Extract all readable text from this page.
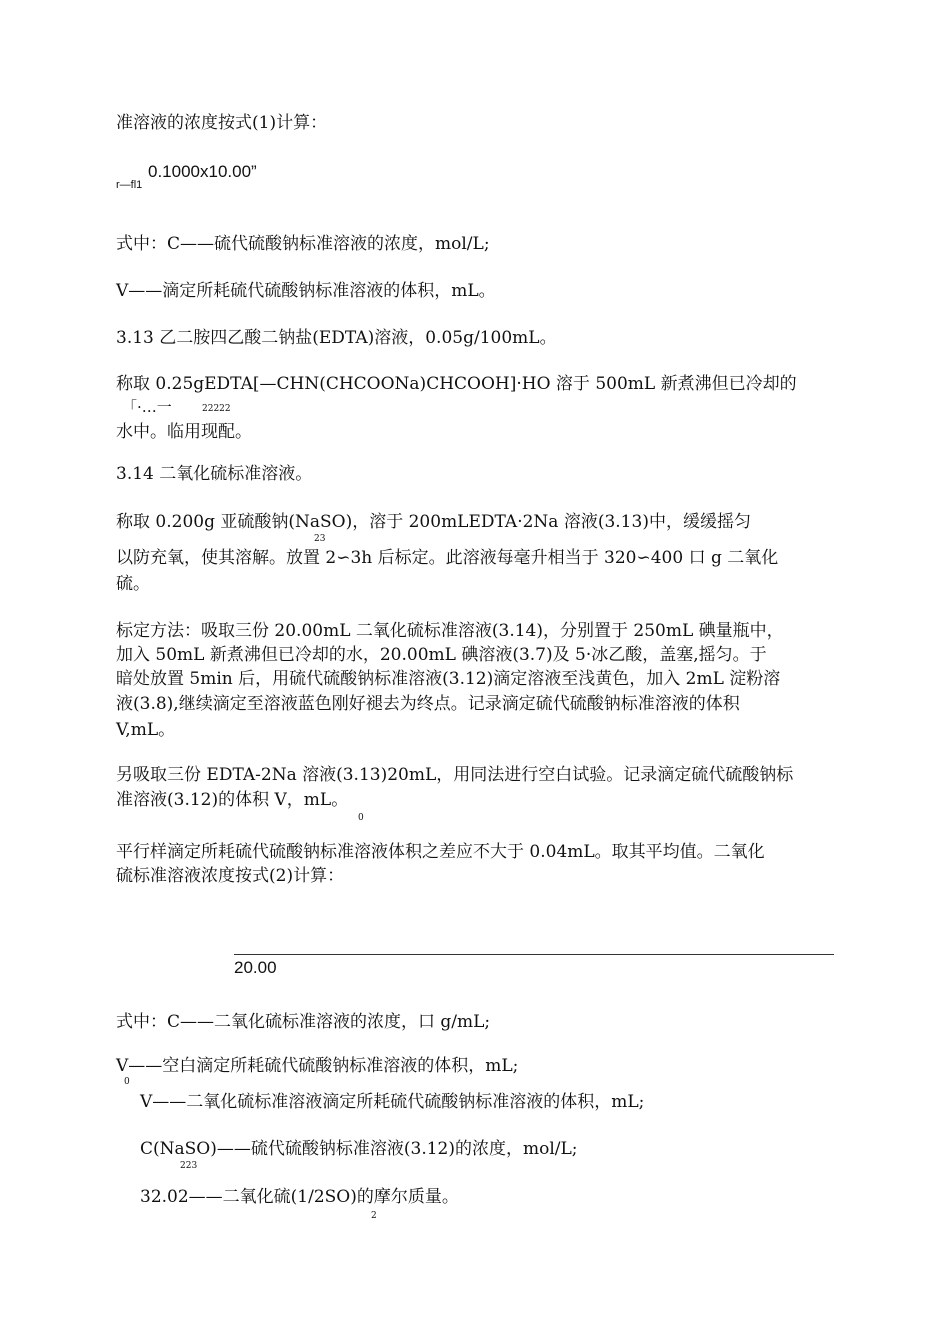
准溶液的浓度按式(1)计算：
r—fl1
0.1000x10.00”
式中：C——硫代硫酸钠标准溶液的浓度，mol/L;
V——滴定所耗硫代硫酸钠标准溶液的体积，mL。
3.13 乙二胺四乙酸二钠盐(EDTA)溶液，0.05g/100mL。
称取 0.25gEDTA[—CHN(CHCOONa)CHCOOH]·HO 溶于 500mL 新煮沸但已冷却的
「·…一	22222
水中。临用现配。
3.14 二氧化硫标准溶液。
称取 0.200g 亚硫酸钠(NaSO)，溶于 200mLEDTA·2Na 溶液(3.13)中，缓缓摇匀
23
以防充氧，使其溶解。放置 2∽3h 后标定。此溶液每毫升相当于 320∽400 口 g 二氧化
硫。
标定方法：吸取三份 20.00mL 二氧化硫标准溶液(3.14)，分别置于 250mL 碘量瓶中，
加入 50mL 新煮沸但已冷却的水，20.00mL 碘溶液(3.7)及 5·冰乙酸，盖塞,摇匀。于
暗处放置 5min 后，用硫代硫酸钠标准溶液(3.12)滴定溶液至浅黄色，加入 2mL 淀粉溶
液(3.8),继续滴定至溶液蓝色刚好褪去为终点。记录滴定硫代硫酸钠标准溶液的体积
V,mL。
另吸取三份 EDTA-2Na 溶液(3.13)20mL，用同法进行空白试验。记录滴定硫代硫酸钠标
准溶液(3.12)的体积 V，mL。
0
平行样滴定所耗硫代硫酸钠标准溶液体积之差应不大于 0.04mL。取其平均值。二氧化
硫标准溶液浓度按式(2)计算：
20.00
式中：C——二氧化硫标准溶液的浓度，口 g/mL;
V——空白滴定所耗硫代硫酸钠标准溶液的体积，mL;
0
V——二氧化硫标准溶液滴定所耗硫代硫酸钠标准溶液的体积，mL;
C(NaSO)——硫代硫酸钠标准溶液(3.12)的浓度，mol/L;
223
32.02——二氧化硫(1/2SO)的摩尔质量。
2
